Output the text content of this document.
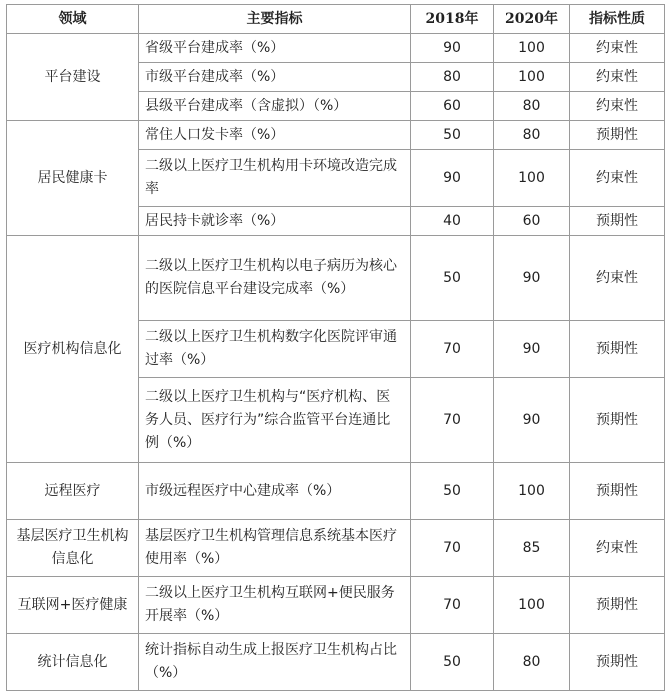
领域	主要指标	2018年	2020年	指标性质
平台建设	省级平台建成率（%）	90	100	约束性
	市级平台建成率（%）	80	100	约束性
	县级平台建成率（含虚拟）（%）	60	80	约束性
居民健康卡	常住人口发卡率（%）	50	80	预期性
	二级以上医疗卫生机构用卡环境改造完成率	90	100	约束性
	居民持卡就诊率（%）	40	60	预期性
医疗机构信息化	二级以上医疗卫生机构以电子病历为核心的医院信息平台建设完成率（%）	50	90	约束性
	二级以上医疗卫生机构数字化医院评审通过率（%）	70	90	预期性
	二级以上医疗卫生机构与“医疗机构、医务人员、医疗行为”综合监管平台连通比例（%）	70	90	预期性
远程医疗	市级远程医疗中心建成率（%）	50	100	预期性
基层医疗卫生机构信息化	基层医疗卫生机构管理信息系统基本医疗使用率（%）	70	85	约束性
互联网+医疗健康	二级以上医疗卫生机构互联网+便民服务开展率（%）	70	100	预期性
统计信息化	统计指标自动生成上报医疗卫生机构占比（%）	50	80	预期性
